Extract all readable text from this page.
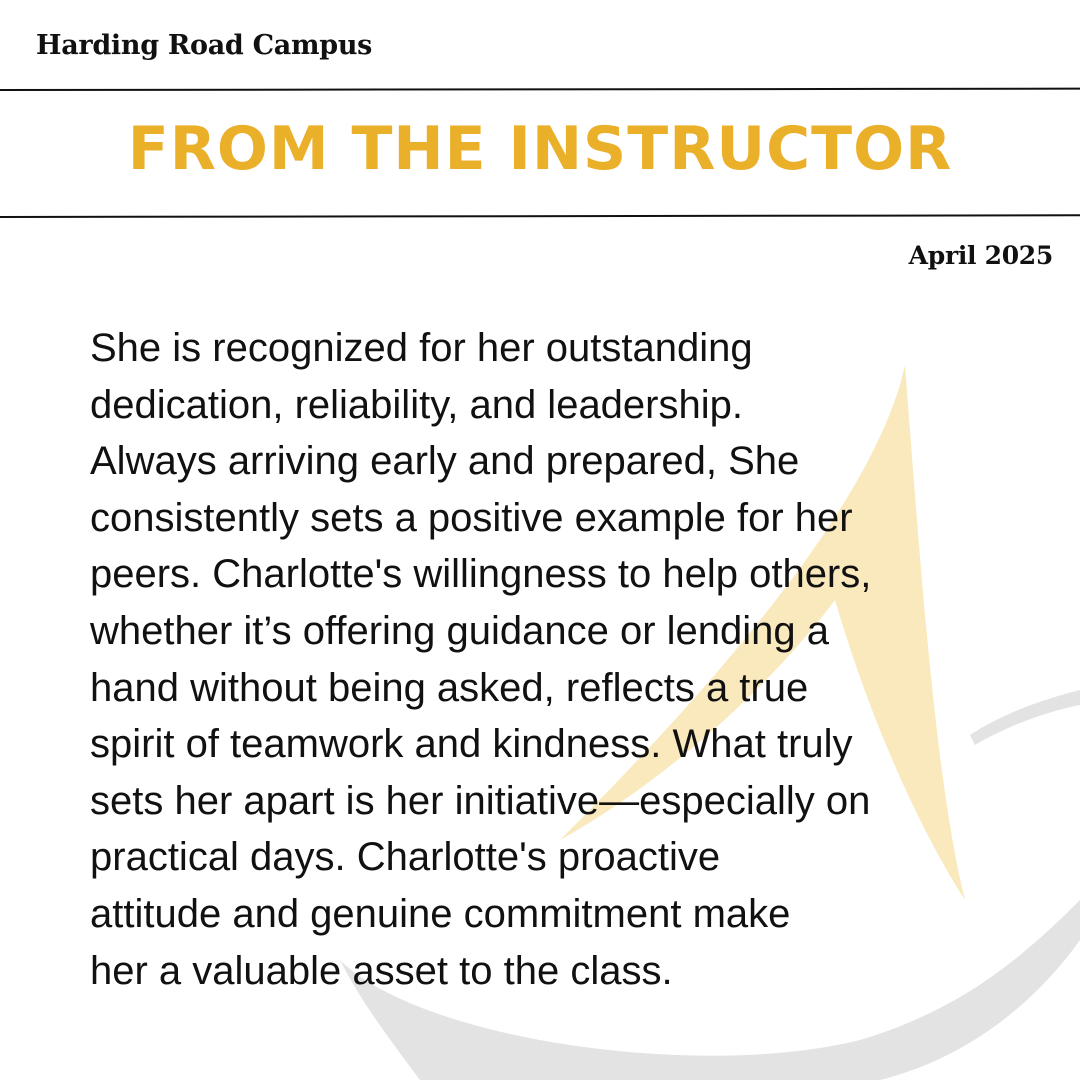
Harding Road Campus
FROM THE INSTRUCTOR
April 2025

She is recognized for her outstanding
dedication, reliability, and leadership.
Always arriving early and prepared, She
consistently sets a positive example for her
peers. Charlotte's willingness to help others,
whether it’s offering guidance or lending a
hand without being asked, reflects a true
spirit of teamwork and kindness. What truly
sets her apart is her initiative—especially on
practical days. Charlotte's proactive
attitude and genuine commitment make
her a valuable asset to the class.
